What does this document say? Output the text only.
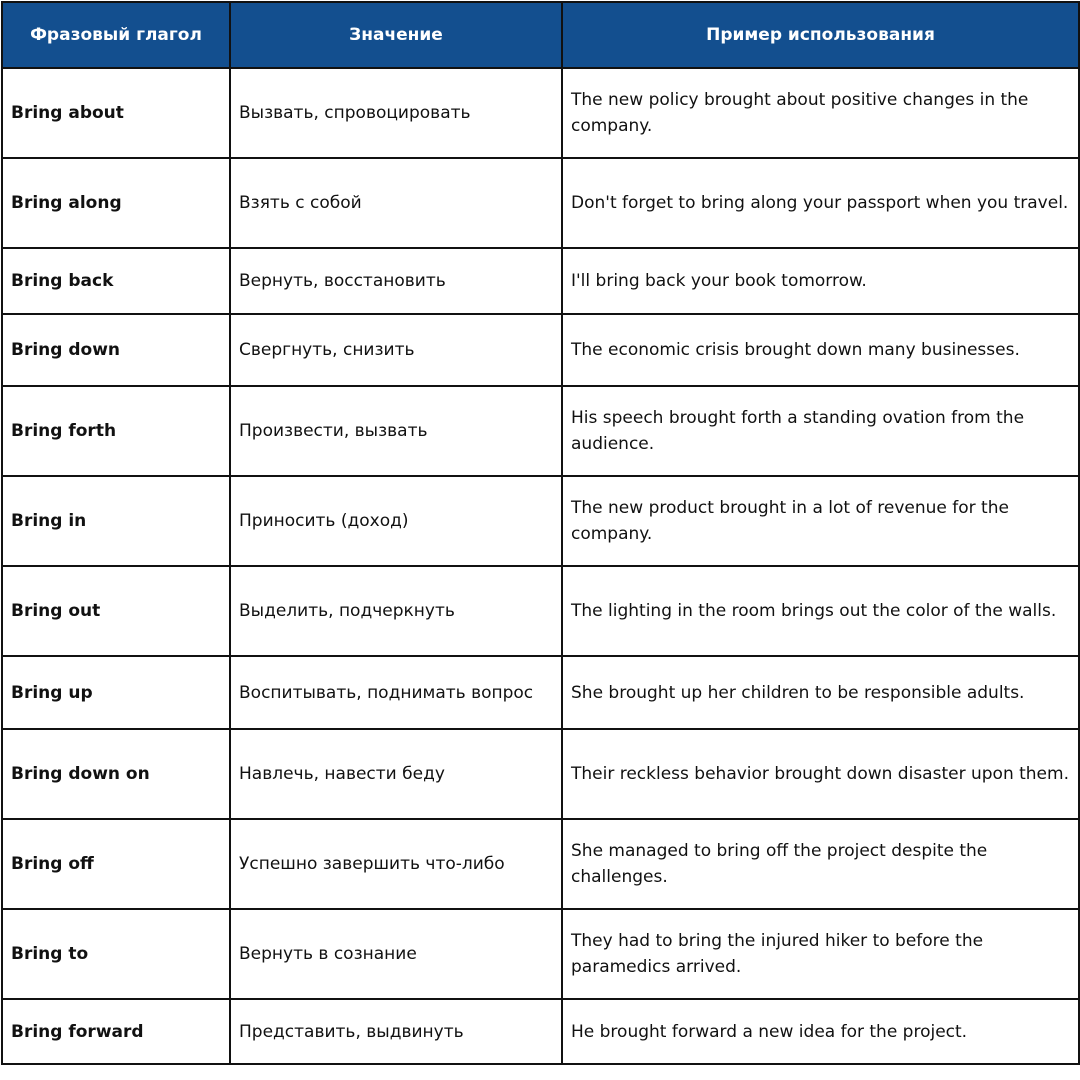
Фразовый глагол	Значение	Пример использования
Bring about	Вызвать, спровоцировать	The new policy brought about positive changes in the company.
Bring along	Взять с собой	Don't forget to bring along your passport when you travel.
Bring back	Вернуть, восстановить	I'll bring back your book tomorrow.
Bring down	Свергнуть, снизить	The economic crisis brought down many businesses.
Bring forth	Произвести, вызвать	His speech brought forth a standing ovation from the audience.
Bring in	Приносить (доход)	The new product brought in a lot of revenue for the company.
Bring out	Выделить, подчеркнуть	The lighting in the room brings out the color of the walls.
Bring up	Воспитывать, поднимать вопрос	She brought up her children to be responsible adults.
Bring down on	Навлечь, навести беду	Their reckless behavior brought down disaster upon them.
Bring off	Успешно завершить что-либо	She managed to bring off the project despite the challenges.
Bring to	Вернуть в сознание	They had to bring the injured hiker to before the paramedics arrived.
Bring forward	Представить, выдвинуть	He brought forward a new idea for the project.
